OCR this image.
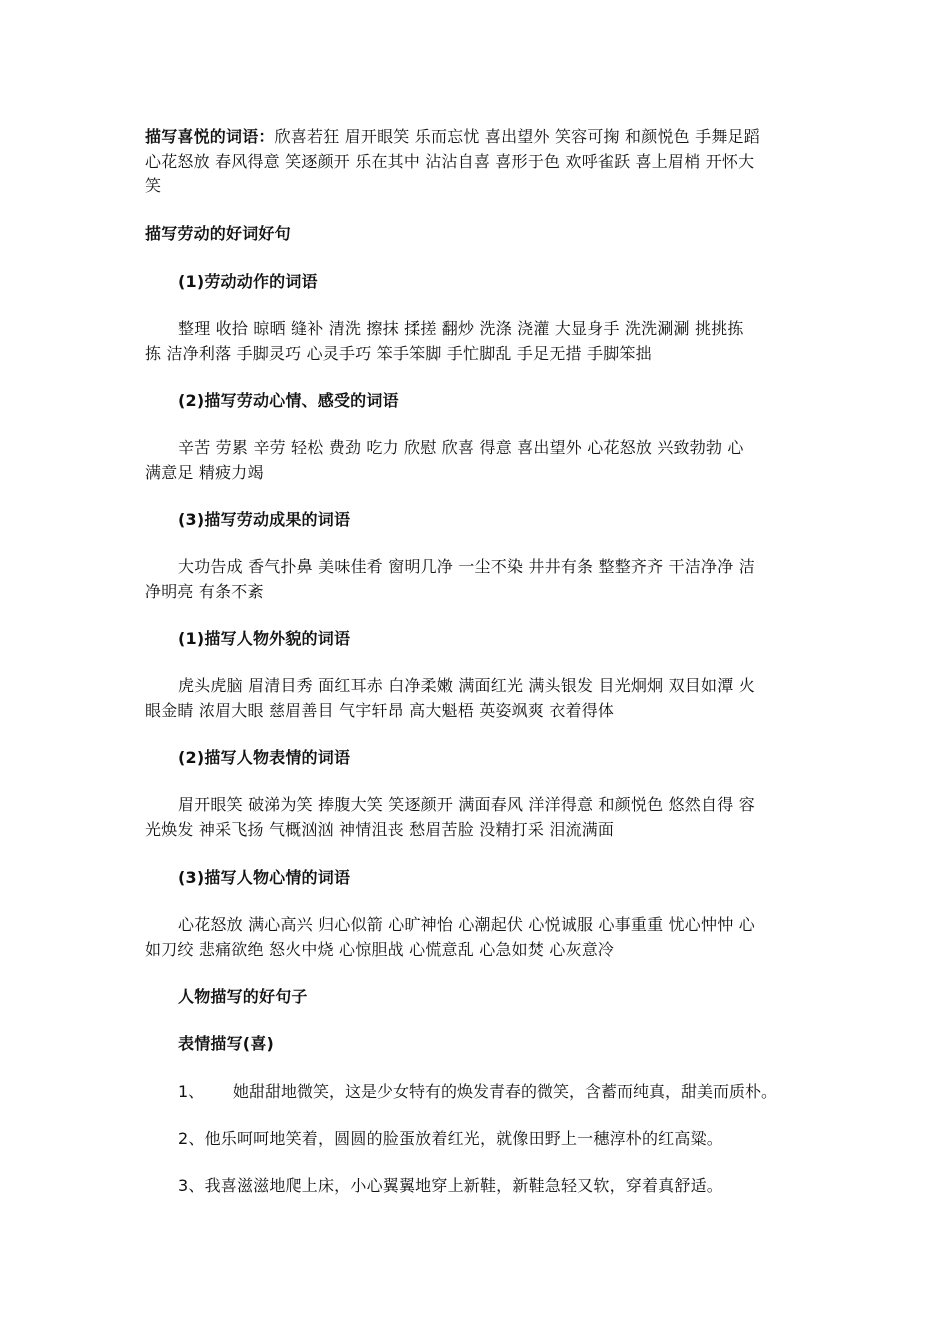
描写喜悦的词语：欣喜若狂 眉开眼笑 乐而忘忧 喜出望外 笑容可掬 和颜悦色 手舞足蹈
心花怒放 春风得意 笑逐颜开 乐在其中 沾沾自喜 喜形于色 欢呼雀跃 喜上眉梢 开怀大
笑
描写劳动的好词好句
(1)劳动动作的词语
整理 收拾 晾晒 缝补 清洗 擦抹 揉搓 翻炒 洗涤 浇灌 大显身手 洗洗涮涮 挑挑拣
拣 洁净利落 手脚灵巧 心灵手巧 笨手笨脚 手忙脚乱 手足无措 手脚笨拙
(2)描写劳动心情、感受的词语
辛苦 劳累 辛劳 轻松 费劲 吃力 欣慰 欣喜 得意 喜出望外 心花怒放 兴致勃勃 心
满意足 精疲力竭
(3)描写劳动成果的词语
大功告成 香气扑鼻 美味佳肴 窗明几净 一尘不染 井井有条 整整齐齐 干洁净净 洁
净明亮 有条不紊
(1)描写人物外貌的词语
虎头虎脑 眉清目秀 面红耳赤 白净柔嫩 满面红光 满头银发 目光炯炯 双目如潭 火
眼金睛 浓眉大眼 慈眉善目 气宇轩昂 高大魁梧 英姿飒爽 衣着得体
(2)描写人物表情的词语
眉开眼笑 破涕为笑 捧腹大笑 笑逐颜开 满面春风 洋洋得意 和颜悦色 悠然自得 容
光焕发 神采飞扬 气概汹汹 神情沮丧 愁眉苦脸 没精打采 泪流满面
(3)描写人物心情的词语
心花怒放 满心高兴 归心似箭 心旷神怡 心潮起伏 心悦诚服 心事重重 忧心忡忡 心
如刀绞 悲痛欲绝 怒火中烧 心惊胆战 心慌意乱 心急如焚 心灰意冷
人物描写的好句子
表情描写(喜)
1、 她甜甜地微笑，这是少女特有的焕发青春的微笑，含蓄而纯真，甜美而质朴。
2、他乐呵呵地笑着，圆圆的脸蛋放着红光，就像田野上一穗淳朴的红高粱。
3、我喜滋滋地爬上床，小心翼翼地穿上新鞋，新鞋急轻又软，穿着真舒适。
